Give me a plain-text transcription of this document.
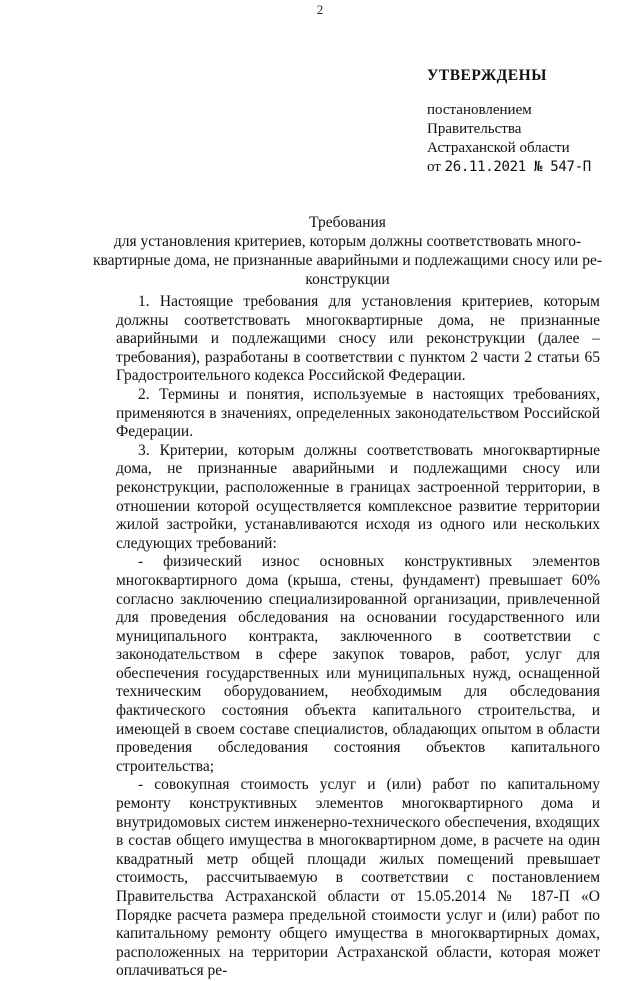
2
УТВЕРЖДЕНЫ
постановлением
Правительства
Астраханской области
от 26.11.2021 № 547-П
Требования
для установления критериев, которым должны соответствовать много-
квартирные дома, не признанные аварийными и подлежащими сносу или ре-
конструкции

1. Настоящие требования для установления критериев, которым должны соответствовать многоквартирные дома, не признанные аварийными и подлежащими сносу или реконструкции (далее – требования), разработаны в соответствии с пунктом 2 части 2 статьи 65 Градостроительного кодекса Российской Федерации.

2. Термины и понятия, используемые в настоящих требованиях, применяются в значениях, определенных законодательством Российской Федерации.

3. Критерии, которым должны соответствовать многоквартирные дома, не признанные аварийными и подлежащими сносу или реконструкции, расположенные в границах застроенной территории, в отношении которой осуществляется комплексное развитие территории жилой застройки, устанавливаются исходя из одного или нескольких следующих требований:

- физический износ основных конструктивных элементов многоквартирного дома (крыша, стены, фундамент) превышает 60% согласно заключению специализированной организации, привлеченной для проведения обследования на основании государственного или муниципального контракта, заключенного в соответствии с законодательством в сфере закупок товаров, работ, услуг для обеспечения государственных или муниципальных нужд, оснащенной техническим оборудованием, необходимым для обследования фактического состояния объекта капитального строительства, и имеющей в своем составе специалистов, обладающих опытом в области проведения обследования состояния объектов капитального строительства;

- совокупная стоимость услуг и (или) работ по капитальному ремонту конструктивных элементов многоквартирного дома и внутридомовых систем инженерно-технического обеспечения, входящих в состав общего имущества в многоквартирном доме, в расчете на один квадратный метр общей площади жилых помещений превышает стоимость, рассчитываемую в соответствии с постановлением Правительства Астраханской области от 15.05.2014 № 187-П «О Порядке расчета размера предельной стоимости услуг и (или) работ по капитальному ремонту общего имущества в многоквартирных домах, расположенных на территории Астраханской области, которая может оплачиваться ре-
